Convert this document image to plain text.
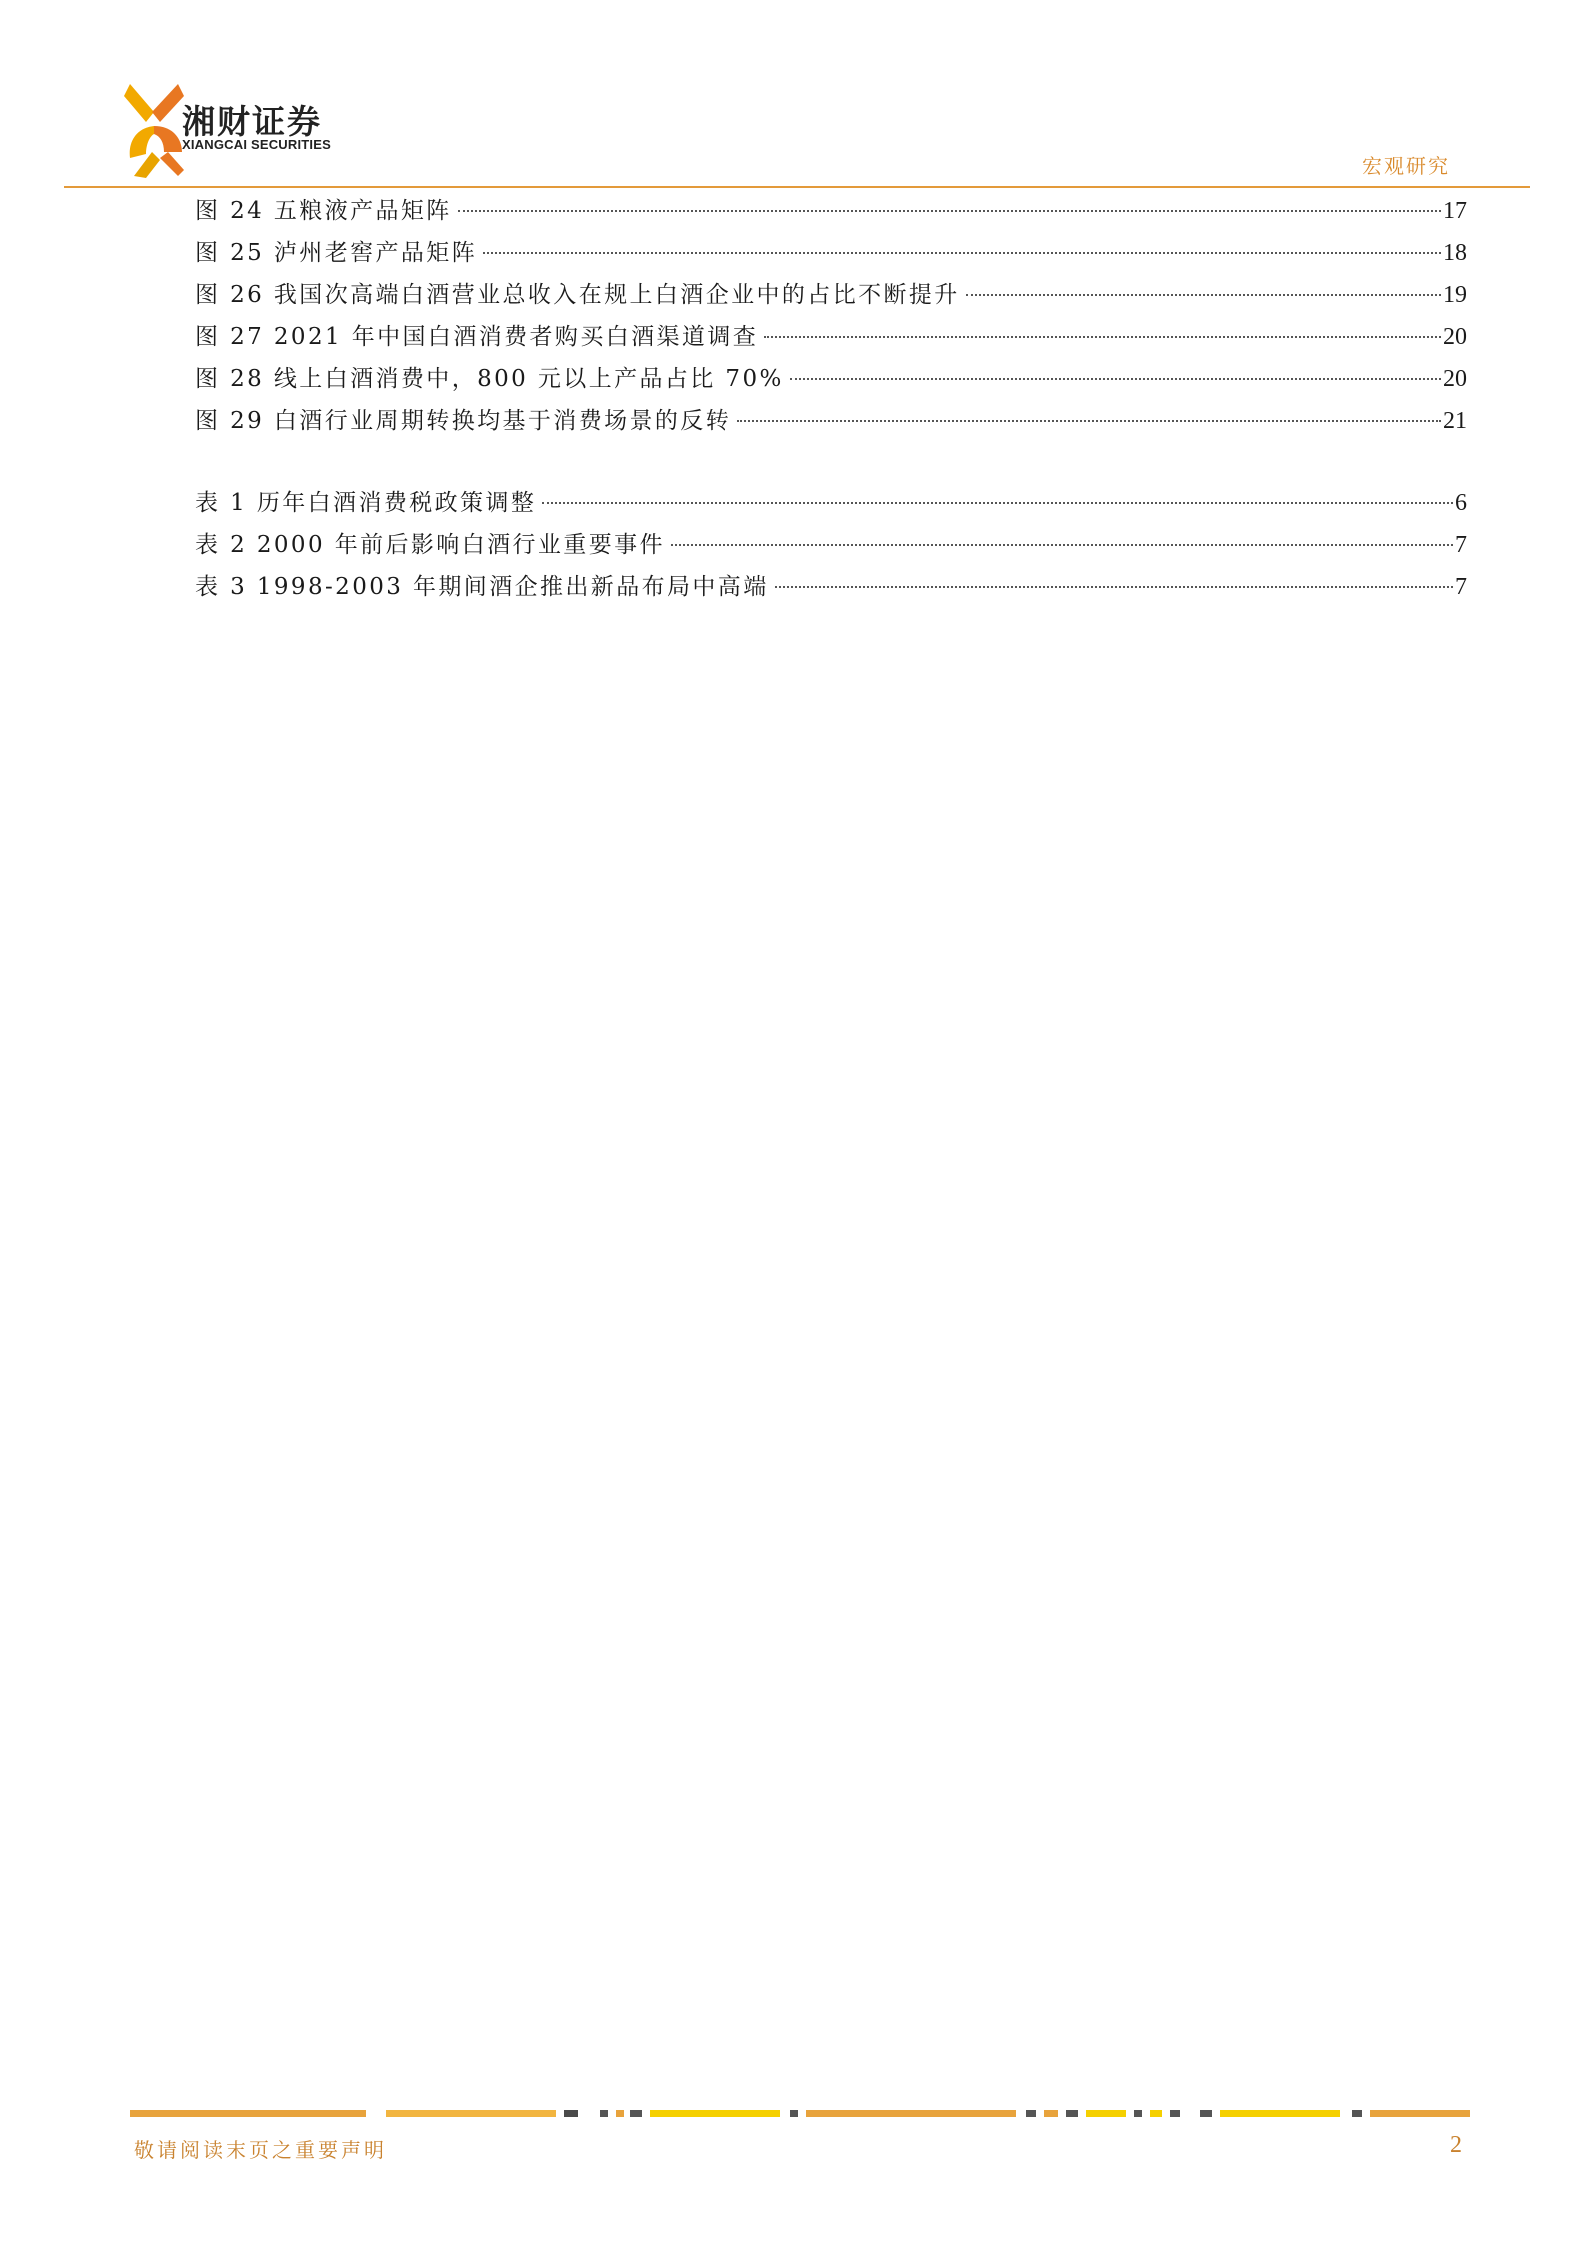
湘财证券
XIANGCAI SECURITIES
宏观研究
图 24 五粮液产品矩阵	17
图 25 泸州老窖产品矩阵	18
图 26 我国次高端白酒营业总收入在规上白酒企业中的占比不断提升	19
图 27 2021 年中国白酒消费者购买白酒渠道调查	20
图 28 线上白酒消费中，800 元以上产品占比 70%	20
图 29 白酒行业周期转换均基于消费场景的反转	21
表 1 历年白酒消费税政策调整	6
表 2 2000 年前后影响白酒行业重要事件	7
表 3 1998-2003 年期间酒企推出新品布局中高端	7
敬请阅读末页之重要声明	2
